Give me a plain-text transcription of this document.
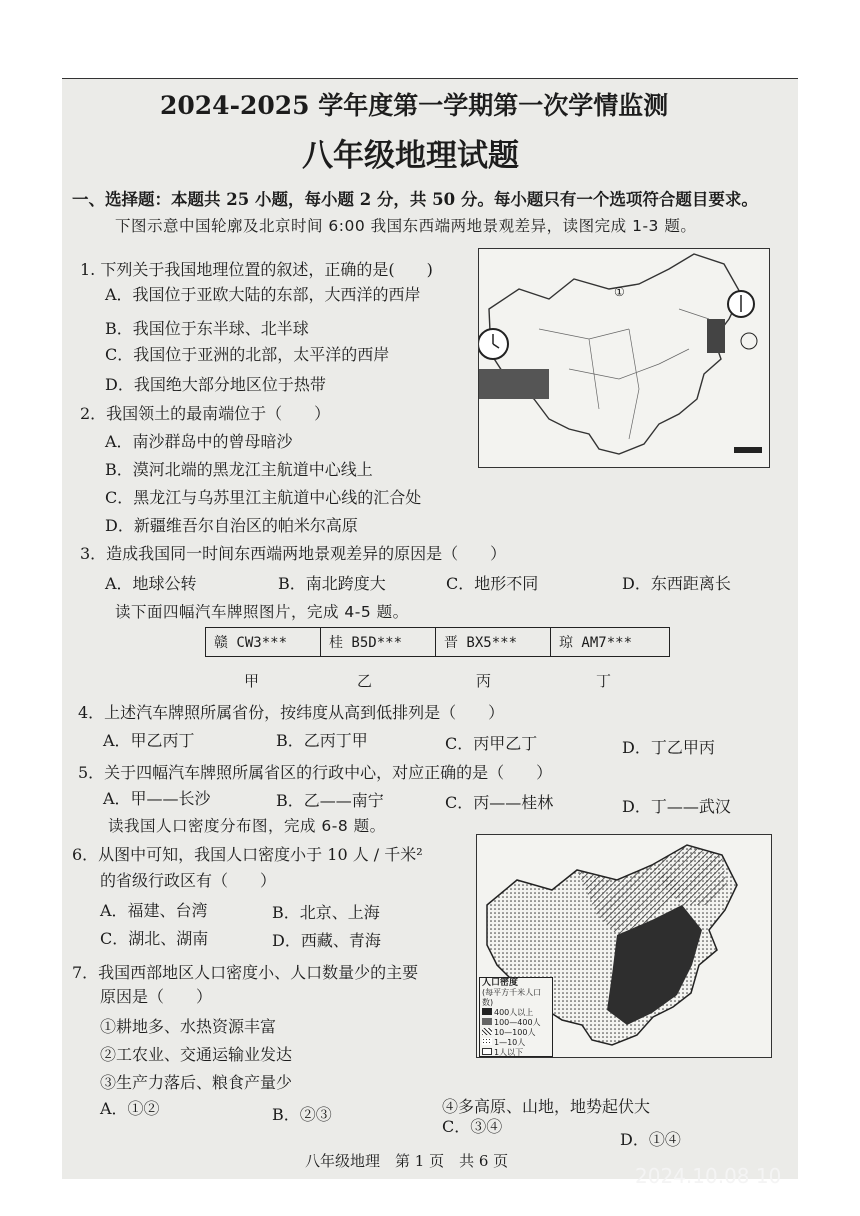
2024-2025 学年度第一学期第一次学情监测
八年级地理试题
一、选择题：本题共 25 小题，每小题 2 分，共 50 分。每小题只有一个选项符合题目要求。
下图示意中国轮廓及北京时间 6:00 我国东西端两地景观差异，读图完成 1-3 题。
1. 下列关于我国地理位置的叙述，正确的是(　　)
A．我国位于亚欧大陆的东部，大西洋的西岸
B．我国位于东半球、北半球
C．我国位于亚洲的北部，太平洋的西岸
D．我国绝大部分地区位于热带
2．我国领土的最南端位于（　　）
A．南沙群岛中的曾母暗沙
B．漠河北端的黑龙江主航道中心线上
C．黑龙江与乌苏里江主航道中心线的汇合处
D．新疆维吾尔自治区的帕米尔高原
3．造成我国同一时间东西端两地景观差异的原因是（　　）
A．地球公转	B．南北跨度大	C．地形不同	D．东西距离长
读下面四幅汽车牌照图片，完成 4-5 题。
赣 CW3***	桂 B5D***	晋 BX5***	琼 AM7***
甲	乙	丙	丁
4．上述汽车牌照所属省份，按纬度从高到低排列是（　　）
A．甲乙丙丁	B．乙丙丁甲	C．丙甲乙丁	D．丁乙甲丙
5．关于四幅汽车牌照所属省区的行政中心，对应正确的是（　　）
A．甲——长沙	B．乙——南宁	C．丙——桂林	D．丁——武汉
读我国人口密度分布图，完成 6-8 题。
6．从图中可知，我国人口密度小于 10 人 / 千米²
的省级行政区有（　　）
A．福建、台湾	B．北京、上海
C．湖北、湖南	D．西藏、青海
7．我国西部地区人口密度小、人口数量少的主要
原因是（　　）
①耕地多、水热资源丰富
②工农业、交通运输业发达
③生产力落后、粮食产量少
④多高原、山地，地势起伏大
A．①②	B．②③
C．③④
D．①④
①
人口密度
(每平方千米人口数)
400人以上
100—400人
10—100人
1—10人
1人以下
八年级地理　第 1 页　共 6 页
2024.10.08 10
